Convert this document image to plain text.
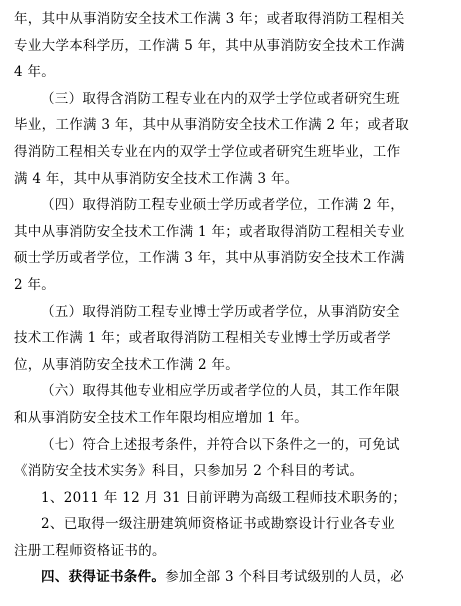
年，其中从事消防安全技术工作满 3 年；或者取得消防工程相关
专业大学本科学历，工作满 5 年，其中从事消防安全技术工作满
4 年。
（三）取得含消防工程专业在内的双学士学位或者研究生班
毕业，工作满 3 年，其中从事消防安全技术工作满 2 年；或者取
得消防工程相关专业在内的双学士学位或者研究生班毕业，工作
满 4 年，其中从事消防安全技术工作满 3 年。
（四）取得消防工程专业硕士学历或者学位，工作满 2 年，
其中从事消防安全技术工作满 1 年；或者取得消防工程相关专业
硕士学历或者学位，工作满 3 年，其中从事消防安全技术工作满
2 年。
（五）取得消防工程专业博士学历或者学位，从事消防安全
技术工作满 1 年；或者取得消防工程相关专业博士学历或者学
位，从事消防安全技术工作满 2 年。
（六）取得其他专业相应学历或者学位的人员，其工作年限
和从事消防安全技术工作年限均相应增加 1 年。
（七）符合上述报考条件，并符合以下条件之一的，可免试
《消防安全技术实务》科目，只参加另 2 个科目的考试。
1、2011 年 12 月 31 日前评聘为高级工程师技术职务的；
2、已取得一级注册建筑师资格证书或勘察设计行业各专业
注册工程师资格证书的。
四、获得证书条件。参加全部 3 个科目考试级别的人员，必
